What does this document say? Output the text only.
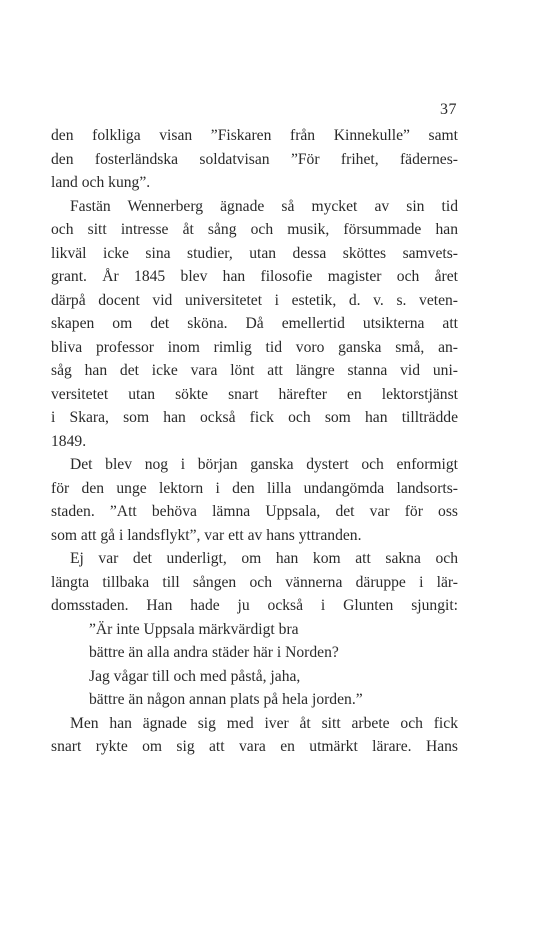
37
den folkliga visan ”Fiskaren från Kinnekulle” samt
den fosterländska soldatvisan ”För frihet, fädernes-
land och kung”.
Fastän Wennerberg ägnade så mycket av sin tid
och sitt intresse åt sång och musik, försummade han
likväl icke sina studier, utan dessa sköttes samvets-
grant. År 1845 blev han filosofie magister och året
därpå docent vid universitetet i estetik, d. v. s. veten-
skapen om det sköna. Då emellertid utsikterna att
bliva professor inom rimlig tid voro ganska små, an-
såg han det icke vara lönt att längre stanna vid uni-
versitetet utan sökte snart härefter en lektorstjänst
i Skara, som han också fick och som han tillträdde
1849.
Det blev nog i början ganska dystert och enformigt
för den unge lektorn i den lilla undangömda landsorts-
staden. ”Att behöva lämna Uppsala, det var för oss
som att gå i landsflykt”, var ett av hans yttranden.
Ej var det underligt, om han kom att sakna och
längta tillbaka till sången och vännerna däruppe i lär-
domsstaden. Han hade ju också i Glunten sjungit:
”Är inte Uppsala märkvärdigt bra
bättre än alla andra städer här i Norden?
Jag vågar till och med påstå, jaha,
bättre än någon annan plats på hela jorden.”
Men han ägnade sig med iver åt sitt arbete och fick
snart rykte om sig att vara en utmärkt lärare. Hans
